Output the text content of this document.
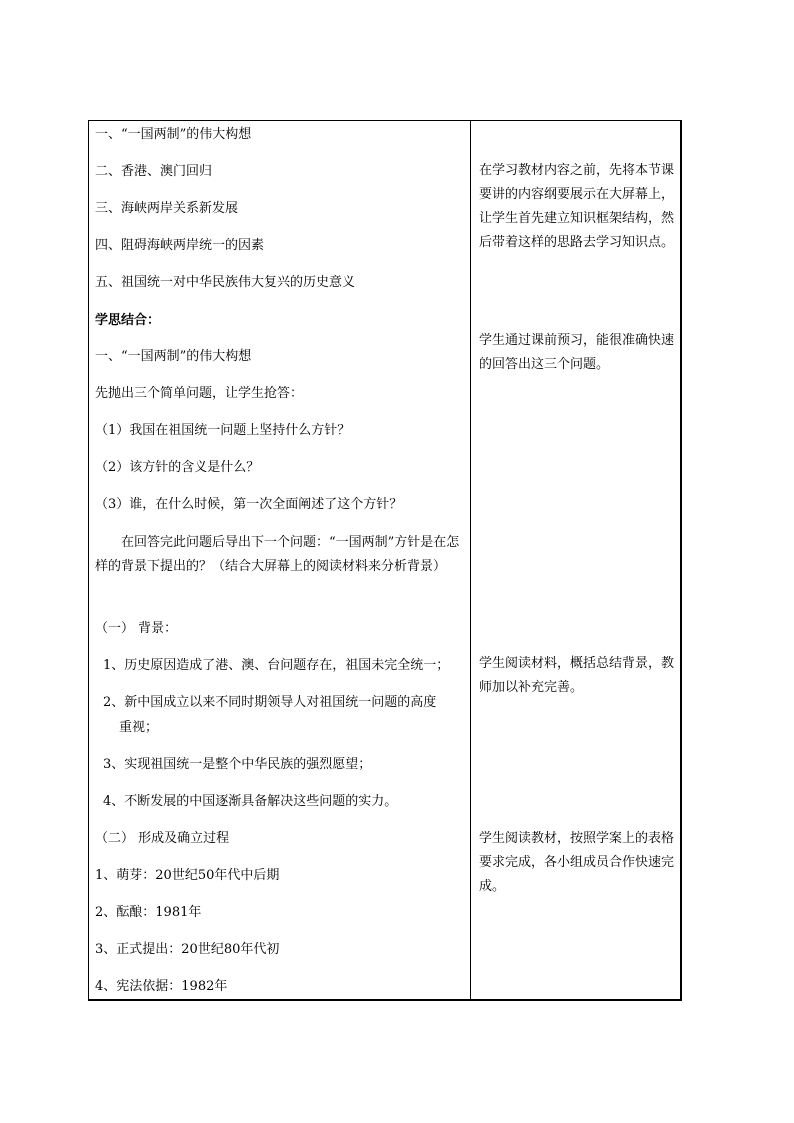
一、“一国两制”的伟大构想
二、香港、澳门回归
三、海峡两岸关系新发展
四、阻碍海峡两岸统一的因素
五、祖国统一对中华民族伟大复兴的历史意义
学思结合：
一、“一国两制”的伟大构想
先抛出三个简单问题，让学生抢答：
（1）我国在祖国统一问题上坚持什么方针？
（2）该方针的含义是什么？
（3）谁，在什么时候，第一次全面阐述了这个方针？
在回答完此问题后导出下一个问题：“一国两制”方针是在怎样的背景下提出的？（结合大屏幕上的阅读材料来分析背景）
（一） 背景：
1、历史原因造成了港、澳、台问题存在，祖国未完全统一；
2、新中国成立以来不同时期领导人对祖国统一问题的高度
重视；
3、实现祖国统一是整个中华民族的强烈愿望；
4、不断发展的中国逐渐具备解决这些问题的实力。
（二） 形成及确立过程
1、萌芽：20世纪50年代中后期
2、酝酿：1981年
3、正式提出：20世纪80年代初
4、宪法依据：1982年
在学习教材内容之前，先将本节课要讲的内容纲要展示在大屏幕上，让学生首先建立知识框架结构，然后带着这样的思路去学习知识点。
学生通过课前预习，能很准确快速的回答出这三个问题。
学生阅读材料，概括总结背景，教师加以补充完善。
学生阅读教材，按照学案上的表格要求完成，各小组成员合作快速完成。
